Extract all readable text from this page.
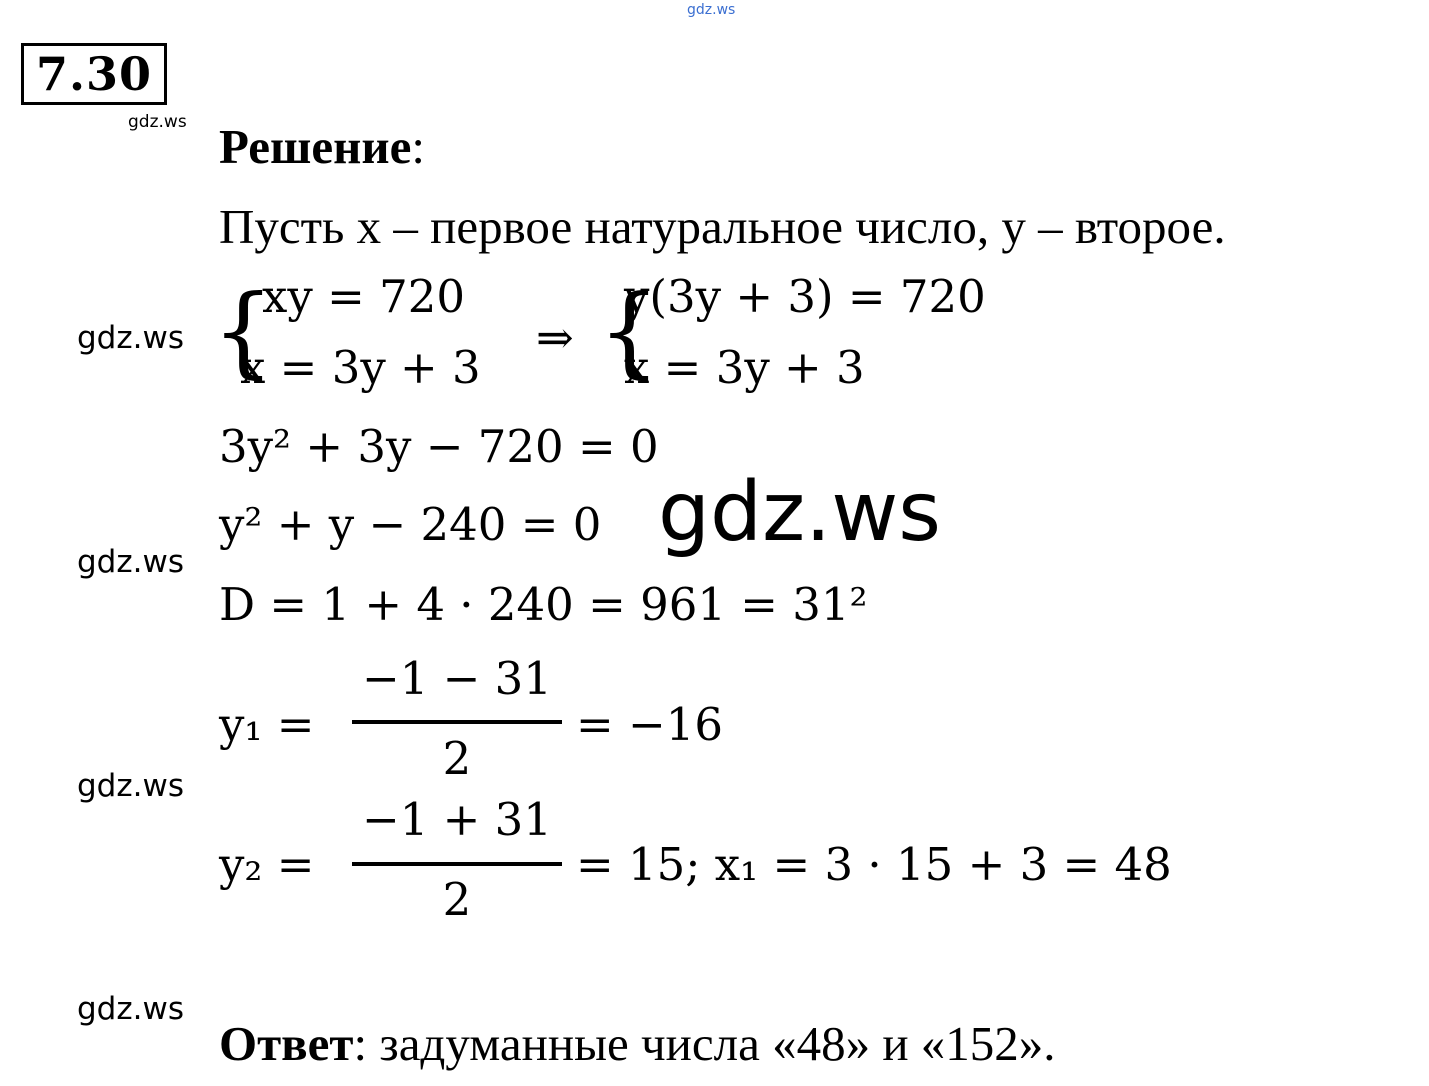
gdz.ws
gdz.ws
gdz.ws
gdz.ws
gdz.ws
gdz.ws
7.30
Решение:
Пусть x – первое натуральное число, y – второе.
{
xy = 720
x = 3y + 3
⇒ {
y(3y + 3) = 720
x = 3y + 3
3y² + 3y − 720 = 0
y² + y − 240 = 0 gdz.ws
D = 1 + 4 · 240 = 961 = 31²
y₁ =
−1 − 31
2
= −16
y₂ =
−1 + 31
2
= 15; x₁ = 3 · 15 + 3 = 48
Ответ: задуманные числа «48» и «152».
